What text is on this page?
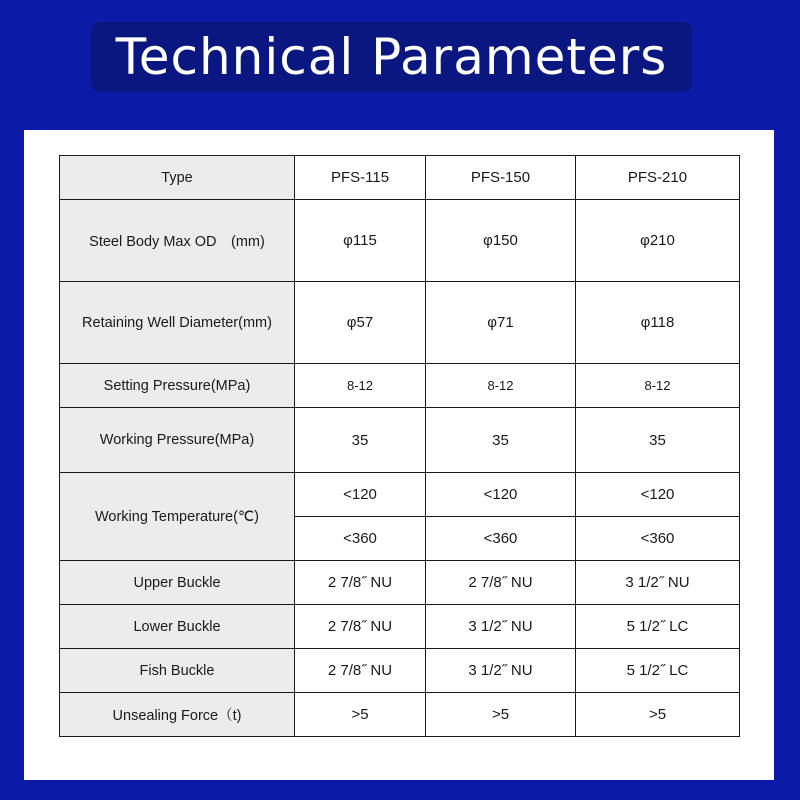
Technical Parameters
Type	PFS-115	PFS-150	PFS-210
Steel Body Max OD　(mm)	φ115	φ150	φ210
Retaining Well Diameter(mm)	φ57	φ71	φ118
Setting Pressure(MPa)	8-12	8-12	8-12
Working Pressure(MPa)	35	35	35
Working Temperature(℃)	<120	<120	<120
	<360	<360	<360
Upper Buckle	2 7/8˝ NU	2 7/8˝ NU	3 1/2˝ NU
Lower Buckle	2 7/8˝ NU	3 1/2˝ NU	5 1/2˝ LC
Fish Buckle	2 7/8˝ NU	3 1/2˝ NU	5 1/2˝ LC
Unsealing Force（t)	>5	>5	>5
